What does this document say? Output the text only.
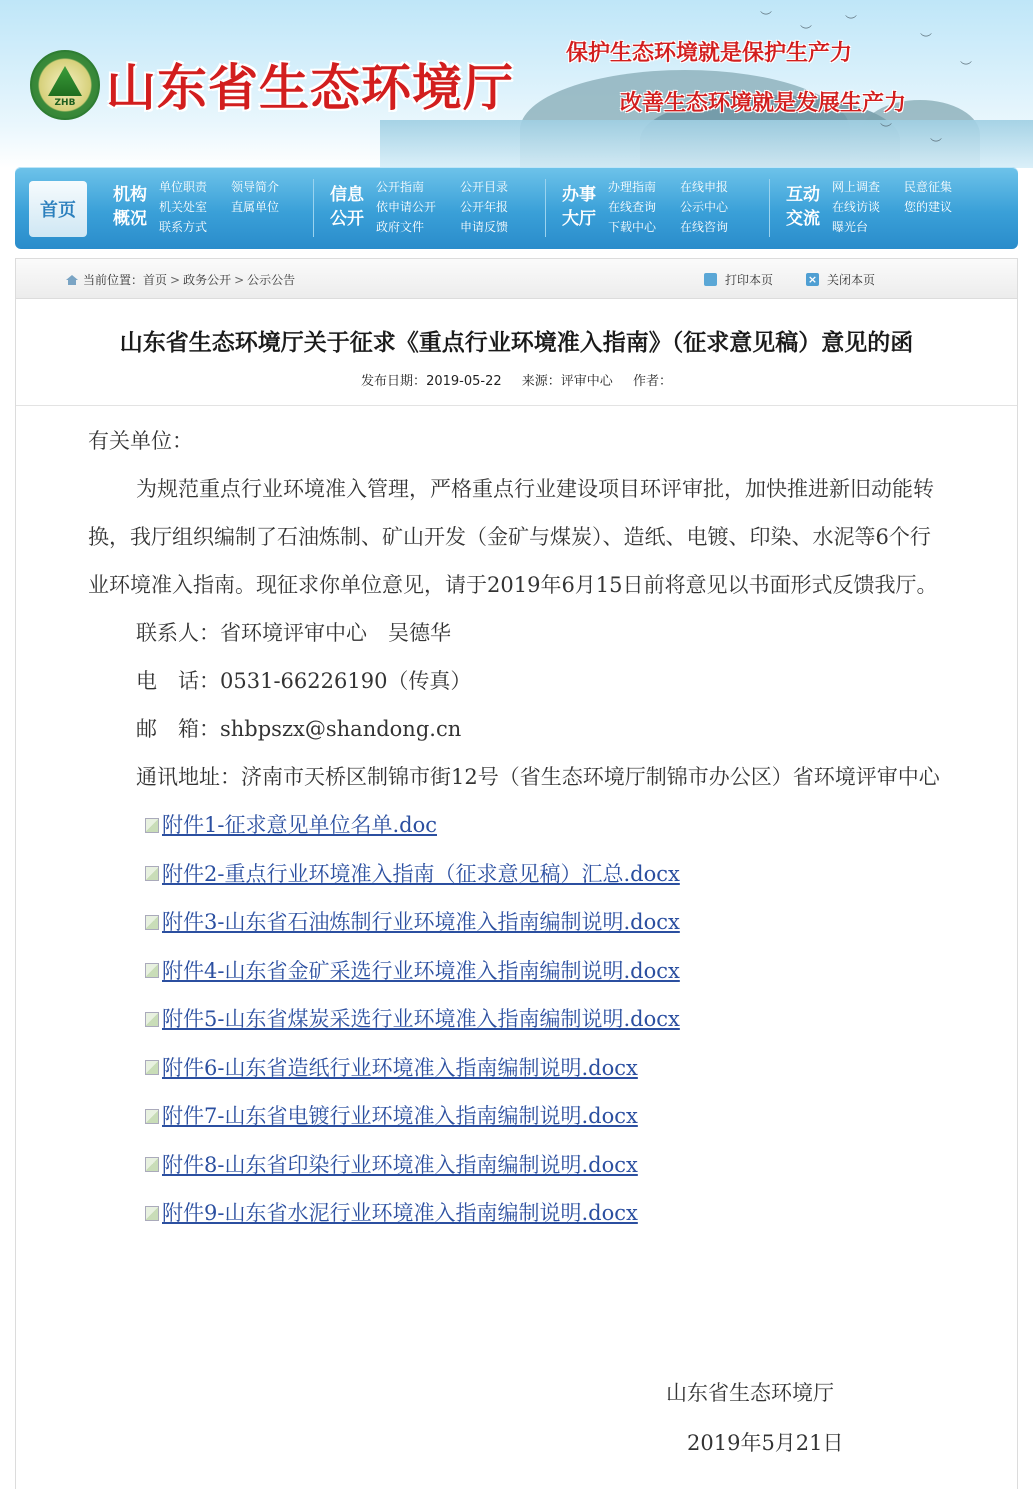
︶
︶
︶
︶
︶
︶
︶
ZHB 山东省生态环境厅
保护生态环境就是保护生产力
改善生态环境就是发展生产力
首页
机构
概况
单位职责
机关处室
联系方式
领导简介
直属单位
信息
公开
公开指南
依申请公开
政府文件
公开目录
公开年报
申请反馈
办事
大厅
办理指南
在线查询
下载中心
在线申报
公示中心
在线咨询
互动
交流
网上调查
在线访谈
曝光台
民意征集
您的建议
当前位置： 首页 > 政务公开 > 公示公告	打印本页	× 关闭本页
山东省生态环境厅关于征求《重点行业环境准入指南》（征求意见稿）意见的函
发布日期：2019-05-22 来源：评审中心 作者：

有关单位：

为规范重点行业环境准入管理，严格重点行业建设项目环评审批，加快推进新旧动能转换，我厅组织编制了石油炼制、矿山开发（金矿与煤炭）、造纸、电镀、印染、水泥等6个行业环境准入指南。现征求你单位意见，请于2019年6月15日前将意见以书面形式反馈我厅。

联系人：省环境评审中心　吴德华

电　话：0531-66226190（传真）

邮　箱：shbpszx@shandong.cn

通讯地址：济南市天桥区制锦市街12号（省生态环境厅制锦市办公区）省环境评审中心

附件1-征求意见单位名单.doc
附件2-重点行业环境准入指南（征求意见稿）汇总.docx
附件3-山东省石油炼制行业环境准入指南编制说明.docx
附件4-山东省金矿采选行业环境准入指南编制说明.docx
附件5-山东省煤炭采选行业环境准入指南编制说明.docx
附件6-山东省造纸行业环境准入指南编制说明.docx
附件7-山东省电镀行业环境准入指南编制说明.docx
附件8-山东省印染行业环境准入指南编制说明.docx
附件9-山东省水泥行业环境准入指南编制说明.docx
山东省生态环境厅
2019年5月21日
